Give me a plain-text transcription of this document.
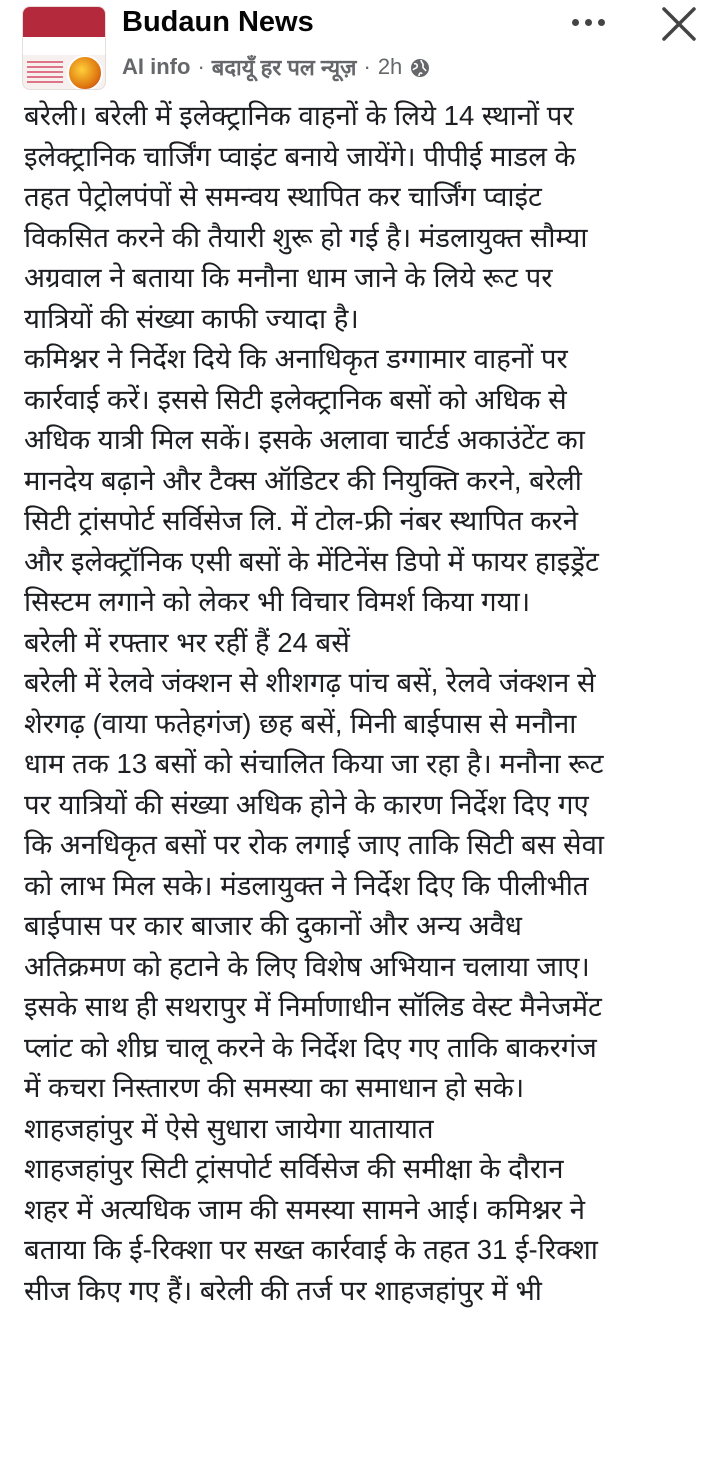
Budaun News
AI info · बदायूँ हर पल न्यूज़ · 2h

बरेली। बरेली में इलेक्ट्रानिक वाहनों के लिये 14 स्थानों पर
इलेक्ट्रानिक चार्जिंग प्वाइंट बनाये जायेंगे। पीपीई माडल के
तहत पेट्रोलपंपों से समन्वय स्थापित कर चार्जिंग प्वाइंट
विकसित करने की तैयारी शुरू हो गई है। मंडलायुक्त सौम्या
अग्रवाल ने बताया कि मनौना धाम जाने के लिये रूट पर
यात्रियों की संख्या काफी ज्यादा है।

कमिश्नर ने निर्देश दिये कि अनाधिकृत डग्गामार वाहनों पर
कार्रवाई करें। इससे सिटी इलेक्ट्रानिक बसों को अधिक से
अधिक यात्री मिल सकें। इसके अलावा चार्टर्ड अकाउंटेंट का
मानदेय बढ़ाने और टैक्स ऑडिटर की नियुक्ति करने, बरेली
सिटी ट्रांसपोर्ट सर्विसेज लि. में टोल-फ्री नंबर स्थापित करने
और इलेक्ट्रॉनिक एसी बसों के मेंटिनेंस डिपो में फायर हाइड्रेंट
सिस्टम लगाने को लेकर भी विचार विमर्श किया गया।

बरेली में रफ्तार भर रहीं हैं 24 बसें

बरेली में रेलवे जंक्शन से शीशगढ़ पांच बसें, रेलवे जंक्शन से
शेरगढ़ (वाया फतेहगंज) छह बसें, मिनी बाईपास से मनौना
धाम तक 13 बसों को संचालित किया जा रहा है। मनौना रूट
पर यात्रियों की संख्या अधिक होने के कारण निर्देश दिए गए
कि अनधिकृत बसों पर रोक लगाई जाए ताकि सिटी बस सेवा
को लाभ मिल सके। मंडलायुक्त ने निर्देश दिए कि पीलीभीत
बाईपास पर कार बाजार की दुकानों और अन्य अवैध
अतिक्रमण को हटाने के लिए विशेष अभियान चलाया जाए।
इसके साथ ही सथरापुर में निर्माणाधीन सॉलिड वेस्ट मैनेजमेंट
प्लांट को शीघ्र चालू करने के निर्देश दिए गए ताकि बाकरगंज
में कचरा निस्तारण की समस्या का समाधान हो सके।

शाहजहांपुर में ऐसे सुधारा जायेगा यातायात

शाहजहांपुर सिटी ट्रांसपोर्ट सर्विसेज की समीक्षा के दौरान
शहर में अत्यधिक जाम की समस्या सामने आई। कमिश्नर ने
बताया कि ई-रिक्शा पर सख्त कार्रवाई के तहत 31 ई-रिक्शा
सीज किए गए हैं। बरेली की तर्ज पर शाहजहांपुर में भी
